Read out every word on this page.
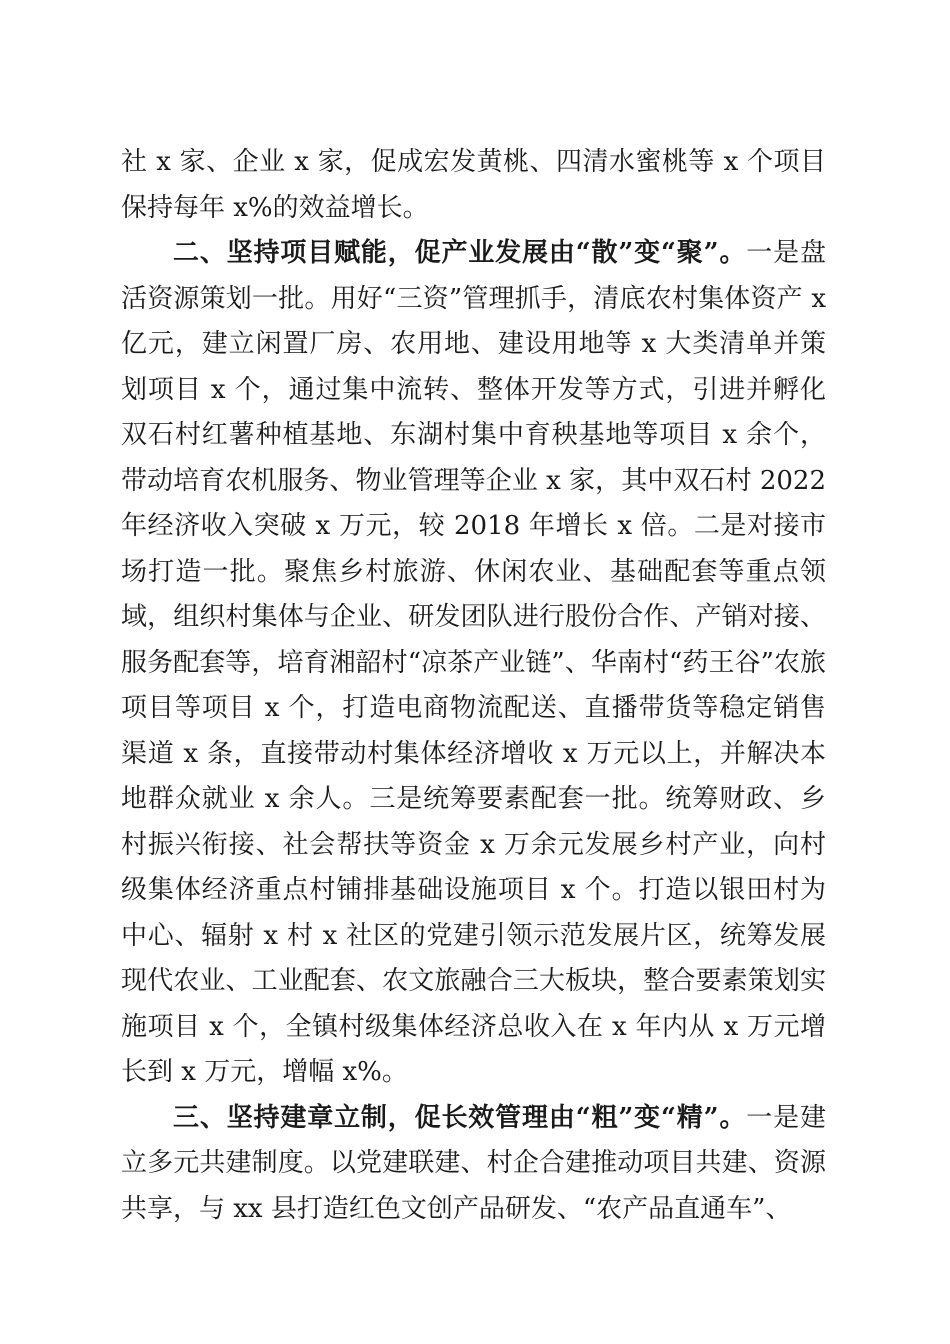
社 x 家、企业 x 家，促成宏发黄桃、四清水蜜桃等 x 个项目保持每年 x%的效益增长。

二、坚持项目赋能，促产业发展由“散”变“聚”。一是盘活资源策划一批。用好“三资”管理抓手，清底农村集体资产 x 亿元，建立闲置厂房、农用地、建设用地等 x 大类清单并策划项目 x 个，通过集中流转、整体开发等方式，引进并孵化双石村红薯种植基地、东湖村集中育秧基地等项目 x 余个，带动培育农机服务、物业管理等企业 x 家，其中双石村 2022 年经济收入突破 x 万元，较 2018 年增长 x 倍。二是对接市场打造一批。聚焦乡村旅游、休闲农业、基础配套等重点领域，组织村集体与企业、研发团队进行股份合作、产销对接、服务配套等，培育湘韶村“凉茶产业链”、华南村“药王谷”农旅项目等项目 x 个，打造电商物流配送、直播带货等稳定销售渠道 x 条，直接带动村集体经济增收 x 万元以上，并解决本地群众就业 x 余人。三是统筹要素配套一批。统筹财政、乡村振兴衔接、社会帮扶等资金 x 万余元发展乡村产业，向村级集体经济重点村铺排基础设施项目 x 个。打造以银田村为中心、辐射 x 村 x 社区的党建引领示范发展片区，统筹发展现代农业、工业配套、农文旅融合三大板块，整合要素策划实施项目 x 个，全镇村级集体经济总收入在 x 年内从 x 万元增长到 x 万元，增幅 x%。

三、坚持建章立制，促长效管理由“粗”变“精”。一是建立多元共建制度。以党建联建、村企合建推动项目共建、资源共享，与 xx 县打造红色文创产品研发、“农产品直通车”、
